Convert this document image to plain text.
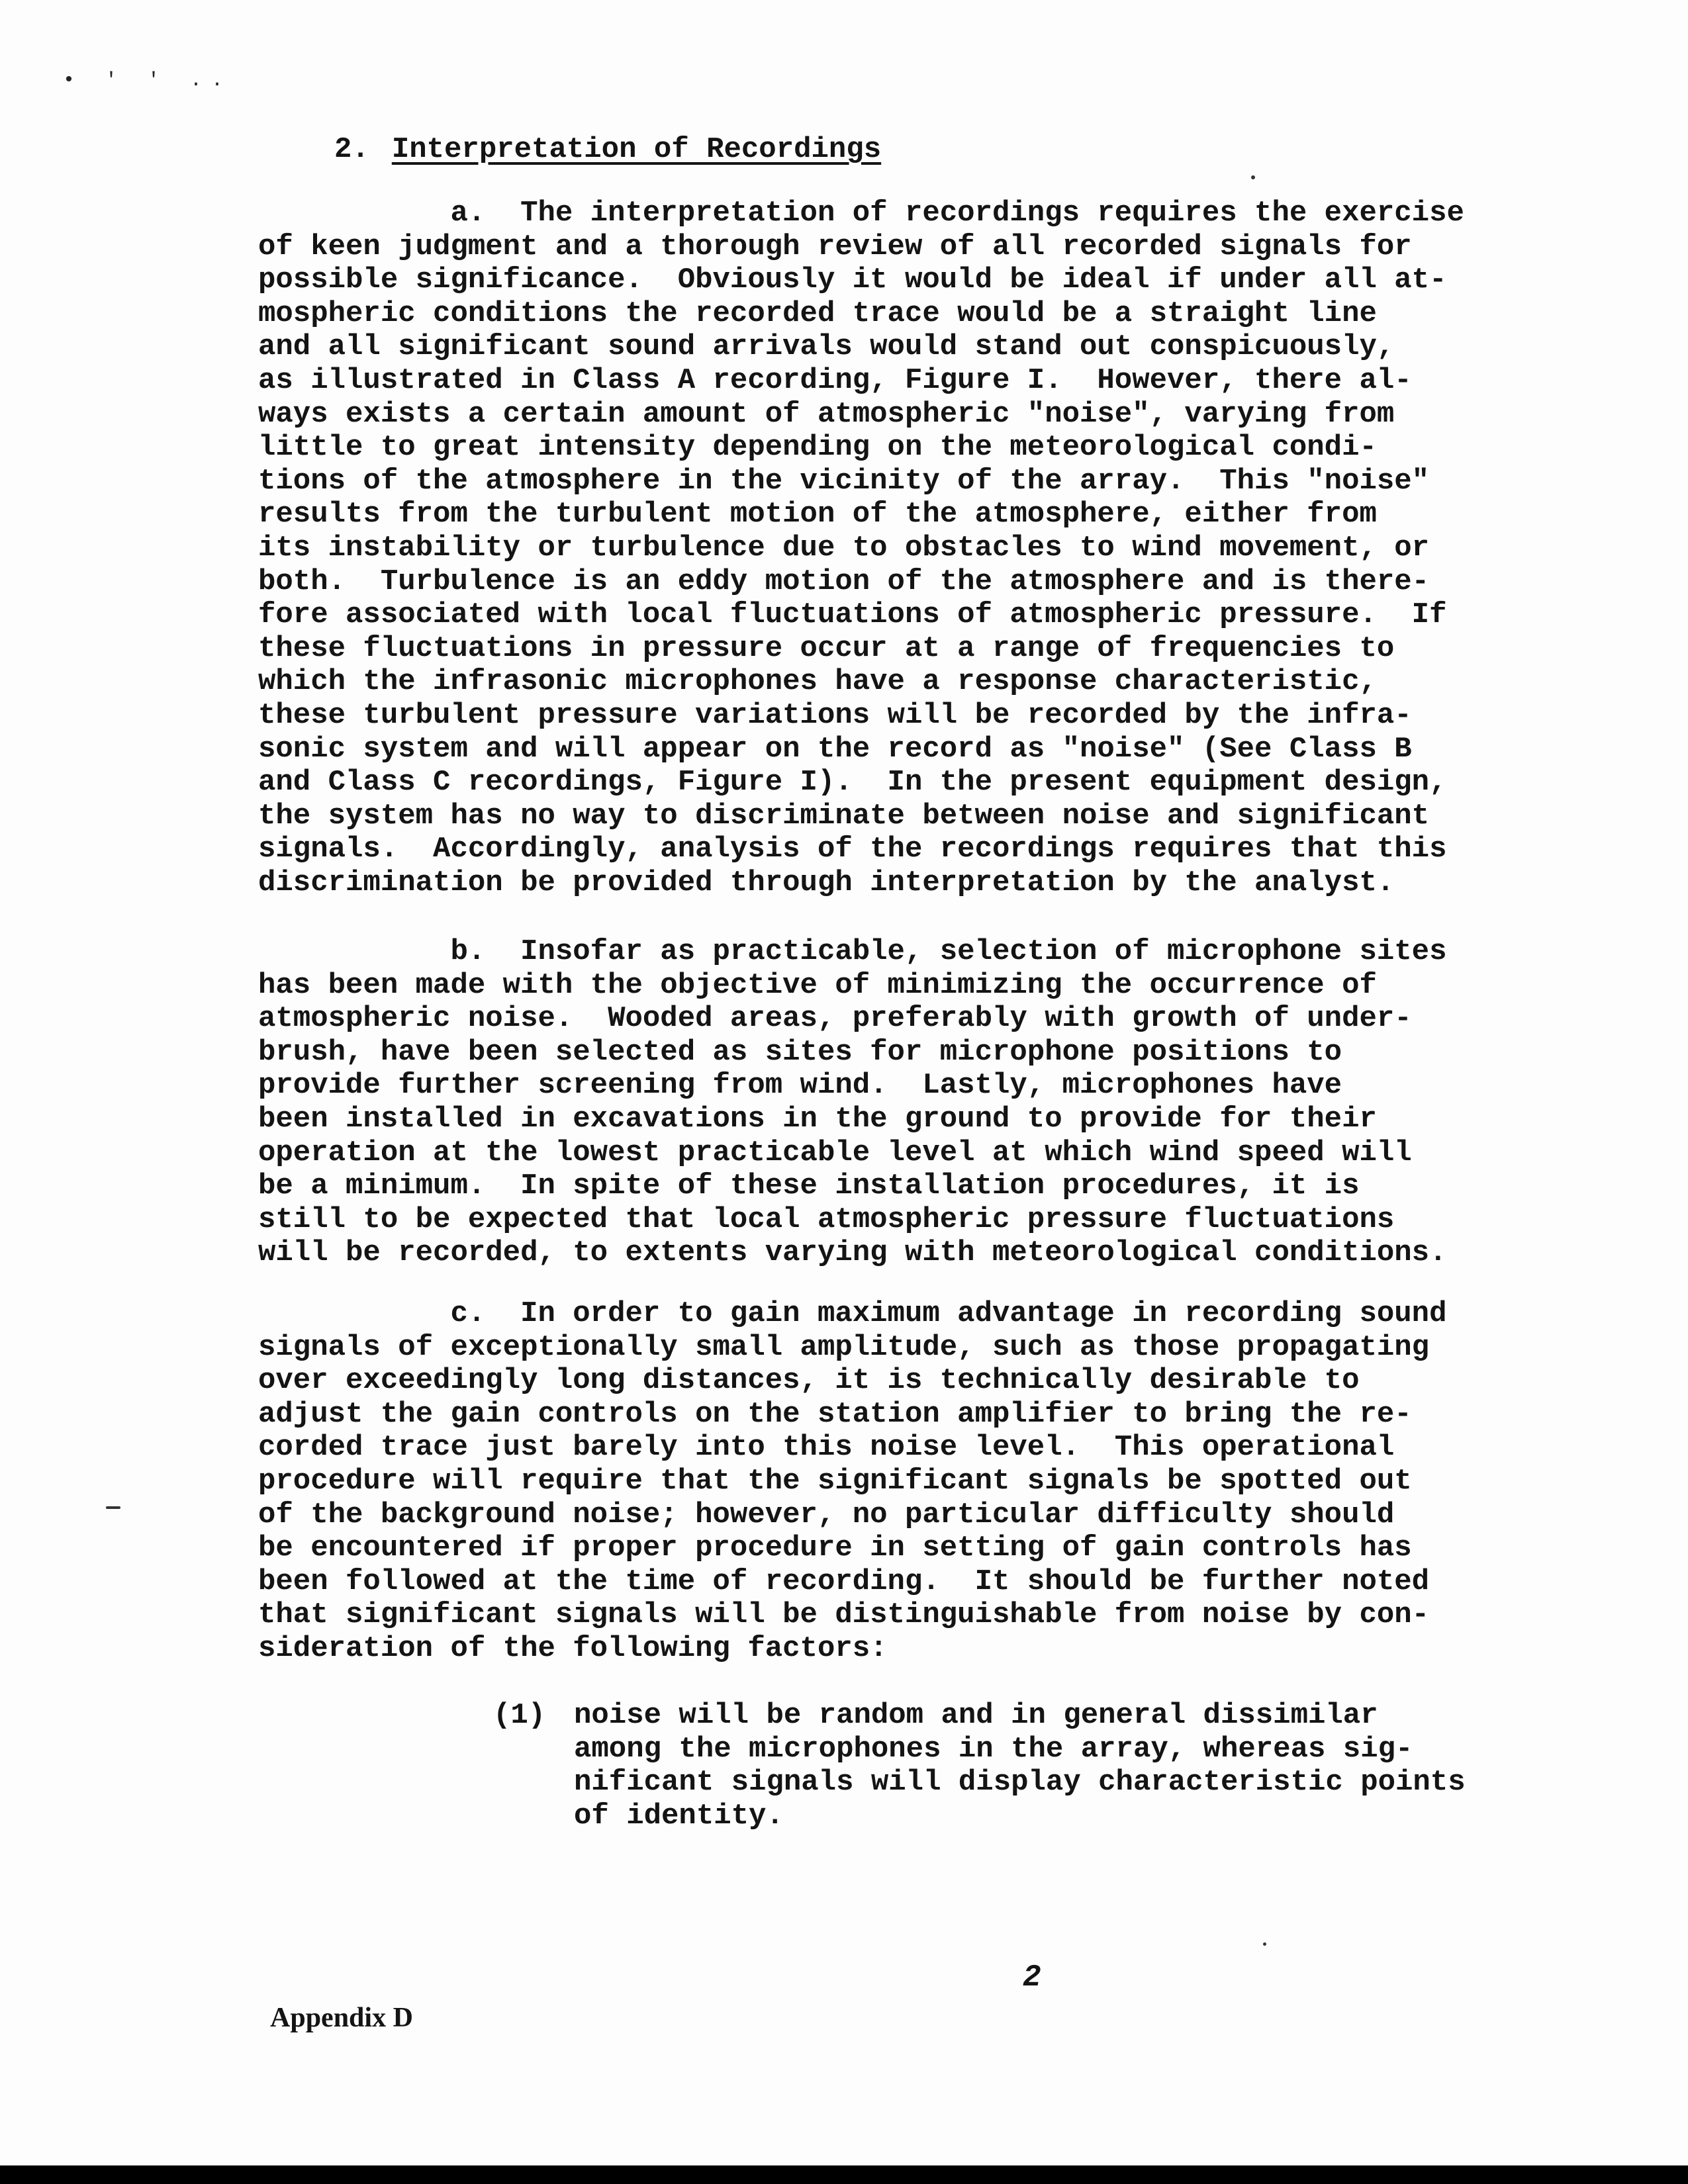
• ' ' ..
2. Interpretation of Recordings
a.  The interpretation of recordings requires the exercise
of keen judgment and a thorough review of all recorded signals for
possible significance.  Obviously it would be ideal if under all at-
mospheric conditions the recorded trace would be a straight line
and all significant sound arrivals would stand out conspicuously,
as illustrated in Class A recording, Figure I.  However, there al-
ways exists a certain amount of atmospheric "noise", varying from
little to great intensity depending on the meteorological condi-
tions of the atmosphere in the vicinity of the array.  This "noise"
results from the turbulent motion of the atmosphere, either from
its instability or turbulence due to obstacles to wind movement, or
both.  Turbulence is an eddy motion of the atmosphere and is there-
fore associated with local fluctuations of atmospheric pressure.  If
these fluctuations in pressure occur at a range of frequencies to
which the infrasonic microphones have a response characteristic,
these turbulent pressure variations will be recorded by the infra-
sonic system and will appear on the record as "noise" (See Class B
and Class C recordings, Figure I).  In the present equipment design,
the system has no way to discriminate between noise and significant
signals.  Accordingly, analysis of the recordings requires that this
discrimination be provided through interpretation by the analyst.
b.  Insofar as practicable, selection of microphone sites
has been made with the objective of minimizing the occurrence of
atmospheric noise.  Wooded areas, preferably with growth of under-
brush, have been selected as sites for microphone positions to
provide further screening from wind.  Lastly, microphones have
been installed in excavations in the ground to provide for their
operation at the lowest practicable level at which wind speed will
be a minimum.  In spite of these installation procedures, it is
still to be expected that local atmospheric pressure fluctuations
will be recorded, to extents varying with meteorological conditions.
c.  In order to gain maximum advantage in recording sound
signals of exceptionally small amplitude, such as those propagating
over exceedingly long distances, it is technically desirable to
adjust the gain controls on the station amplifier to bring the re-
corded trace just barely into this noise level.  This operational
procedure will require that the significant signals be spotted out
of the background noise; however, no particular difficulty should
be encountered if proper procedure in setting of gain controls has
been followed at the time of recording.  It should be further noted
that significant signals will be distinguishable from noise by con-
sideration of the following factors:

(1)

noise will be random and in general dissimilar
among the microphones in the array, whereas sig-
nificant signals will display characteristic points
of identity.

2
Appendix D
